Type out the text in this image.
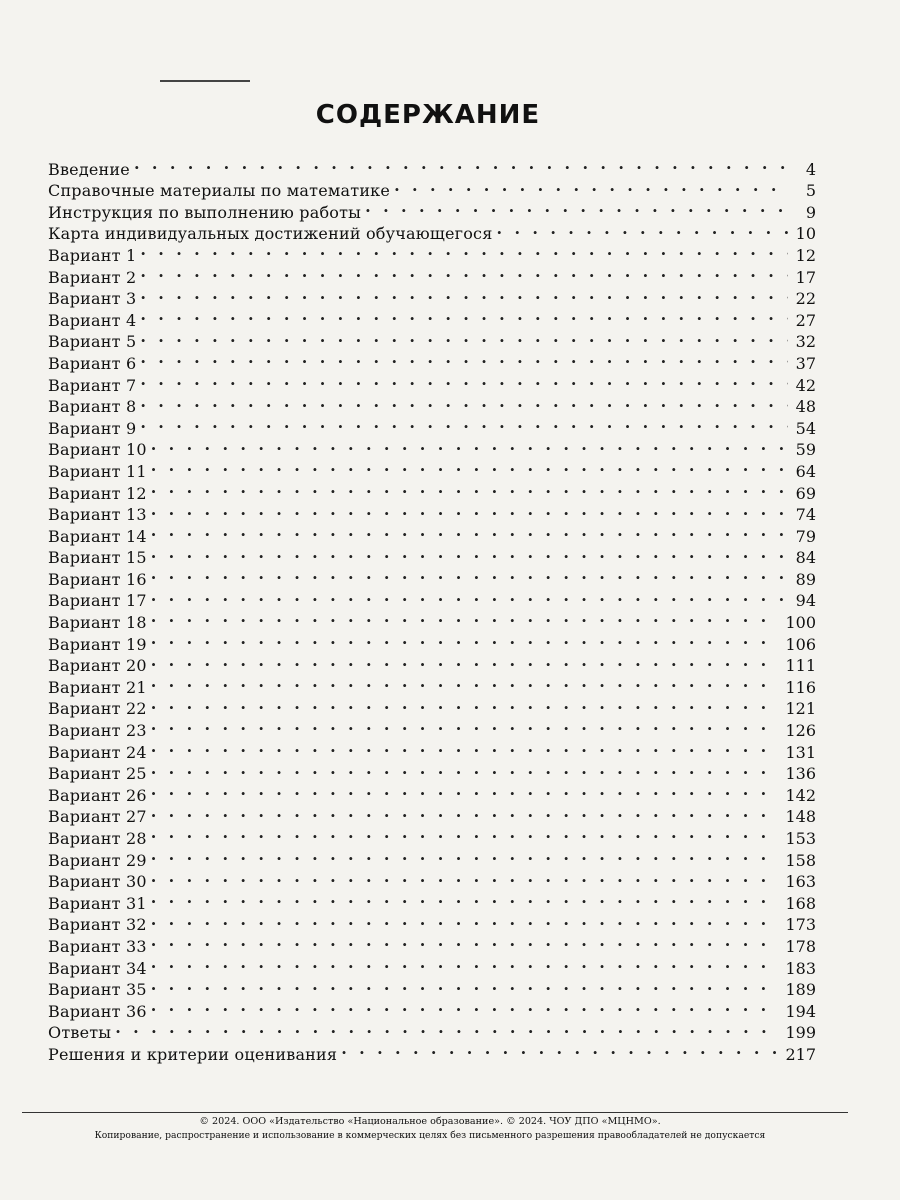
СОДЕРЖАНИЕ
Введение . . .	4
Справочные материалы по математике . . .	5
Инструкция по выполнению работы . . .	9
Карта индивидуальных достижений обучающегося . . .	10
Вариант 1 . . .	12
Вариант 2 . . .	17
Вариант 3 . . .	22
Вариант 4 . . .	27
Вариант 5 . . .	32
Вариант 6 . . .	37
Вариант 7 . . .	42
Вариант 8 . . .	48
Вариант 9 . . .	54
Вариант 10 . . .	59
Вариант 11 . . .	64
Вариант 12 . . .	69
Вариант 13 . . .	74
Вариант 14 . . .	79
Вариант 15 . . .	84
Вариант 16 . . .	89
Вариант 17 . . .	94
Вариант 18 . . .	100
Вариант 19 . . .	106
Вариант 20 . . .	111
Вариант 21 . . .	116
Вариант 22 . . .	121
Вариант 23 . . .	126
Вариант 24 . . .	131
Вариант 25 . . .	136
Вариант 26 . . .	142
Вариант 27 . . .	148
Вариант 28 . . .	153
Вариант 29 . . .	158
Вариант 30 . . .	163
Вариант 31 . . .	168
Вариант 32 . . .	173
Вариант 33 . . .	178
Вариант 34 . . .	183
Вариант 35 . . .	189
Вариант 36 . . .	194
Ответы . . .	199
Решения и критерии оценивания . . .	217
© 2024. ООО «Издательство «Национальное образование». © 2024. ЧОУ ДПО «МЦНМО».
Копирование, распространение и использование в коммерческих целях без письменного разрешения правообладателей не допускается
